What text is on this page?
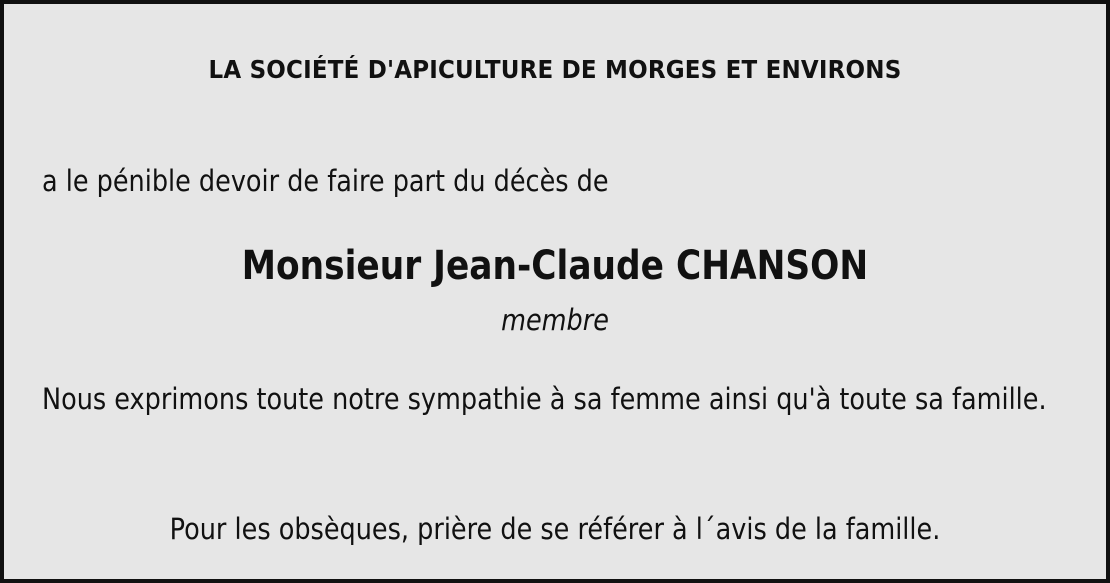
LA SOCIÉTÉ D'APICULTURE DE MORGES ET ENVIRONS
a le pénible devoir de faire part du décès de
Monsieur Jean-Claude CHANSON
membre
Nous exprimons toute notre sympathie à sa femme ainsi qu'à toute sa famille.
Pour les obsèques, prière de se référer à l´avis de la famille.
